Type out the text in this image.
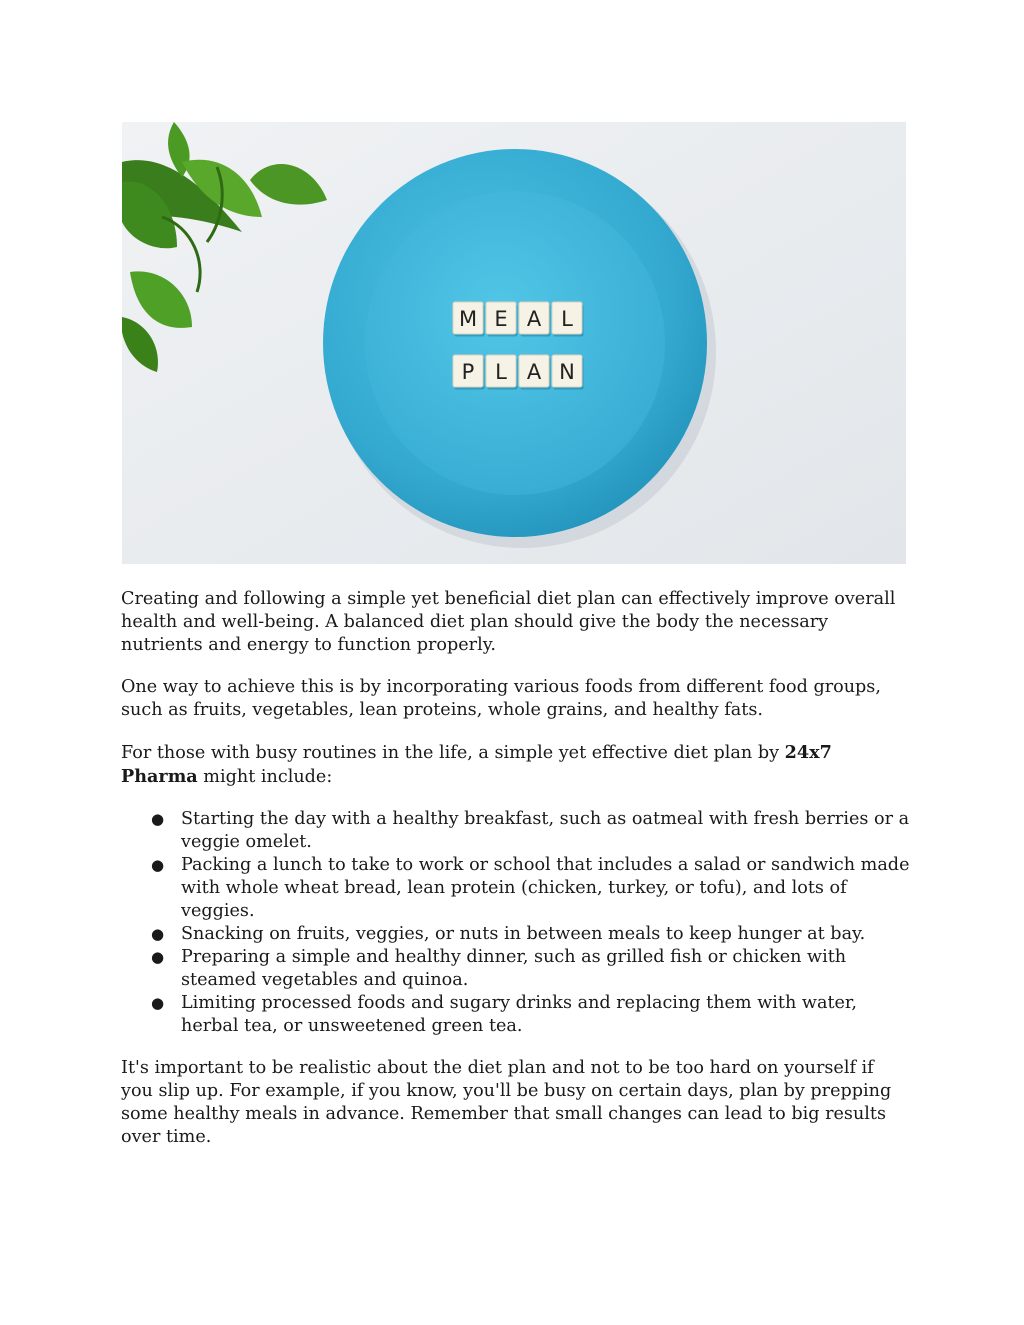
M E A L
P L A N

Creating and following a simple yet beneficial diet plan can effectively improve overall health and well-being. A balanced diet plan should give the body the necessary nutrients and energy to function properly.

One way to achieve this is by incorporating various foods from different food groups, such as fruits, vegetables, lean proteins, whole grains, and healthy fats.

For those with busy routines in the life, a simple yet effective diet plan by 24x7 Pharma might include:

● Starting the day with a healthy breakfast, such as oatmeal with fresh berries or a veggie omelet.
● Packing a lunch to take to work or school that includes a salad or sandwich made with whole wheat bread, lean protein (chicken, turkey, or tofu), and lots of veggies.
● Snacking on fruits, veggies, or nuts in between meals to keep hunger at bay.
● Preparing a simple and healthy dinner, such as grilled fish or chicken with steamed vegetables and quinoa.
● Limiting processed foods and sugary drinks and replacing them with water, herbal tea, or unsweetened green tea.

It's important to be realistic about the diet plan and not to be too hard on yourself if you slip up. For example, if you know, you'll be busy on certain days, plan by prepping some healthy meals in advance. Remember that small changes can lead to big results over time.
